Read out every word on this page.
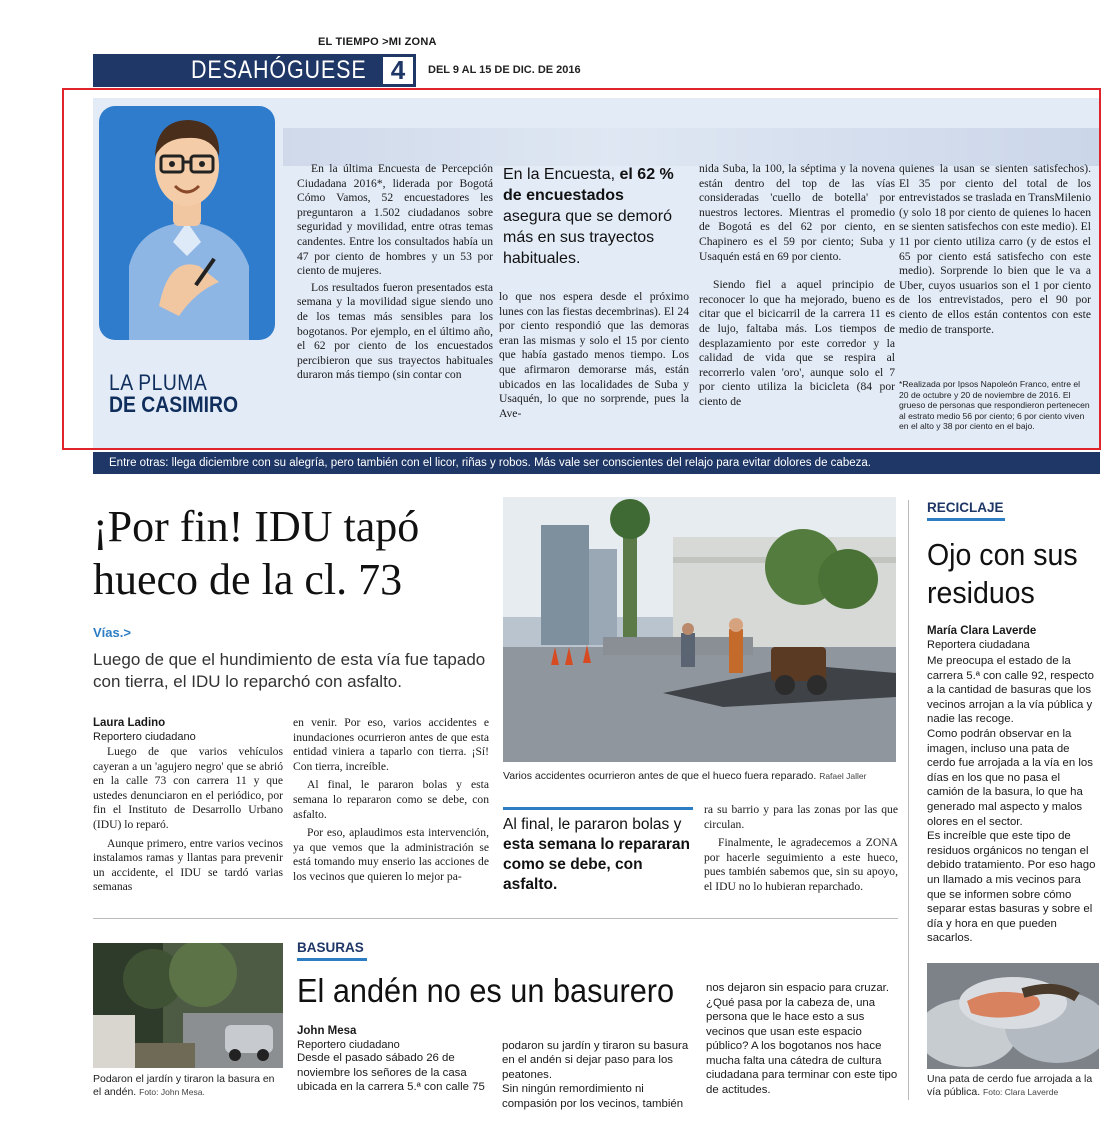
EL TIEMPO >MI ZONA
DESAHÓGUESE 4	DEL 9 AL 15 DE DIC. DE 2016
LA PLUMA
DE CASIMIRO

En la última Encuesta de Percepción Ciudadana 2016*, liderada por Bogotá Cómo Vamos, 52 encuestadores les preguntaron a 1.502 ciudadanos sobre seguridad y movilidad, entre otras temas candentes. Entre los consultados había un 47 por ciento de hombres y un 53 por ciento de mujeres.

Los resultados fueron presentados esta semana y la movilidad sigue siendo uno de los temas más sensibles para los bogotanos. Por ejemplo, en el último año, el 62 por ciento de los encuestados percibieron que sus trayectos habituales duraron más tiempo (sin contar con

En la Encuesta, el 62 % de encuestados asegura que se demoró más en sus trayectos habituales.

lo que nos espera desde el próximo lunes con las fiestas decembrinas). El 24 por ciento respondió que las demoras eran las mismas y solo el 15 por ciento que había gastado menos tiempo. Los que afirmaron demorarse más, están ubicados en las localidades de Suba y Usaquén, lo que no sorprende, pues la Ave-

nida Suba, la 100, la séptima y la novena están dentro del top de las vías consideradas 'cuello de botella' por nuestros lectores. Mientras el promedio de Bogotá es del 62 por ciento, en Chapinero es el 59 por ciento; Suba y Usaquén está en 69 por ciento.

Siendo fiel a aquel principio de reconocer lo que ha mejorado, bueno es citar que el bicicarril de la carrera 11 es de lujo, faltaba más. Los tiempos de desplazamiento por este corredor y la calidad de vida que se respira al recorrerlo valen 'oro', aunque solo el 7 por ciento utiliza la bicicleta (84 por ciento de

quienes la usan se sienten satisfechos). El 35 por ciento del total de los entrevistados se traslada en TransMilenio (y solo 18 por ciento de quienes lo hacen se sienten satisfechos con este medio). El 11 por ciento utiliza carro (y de estos el 65 por ciento está satisfecho con este medio). Sorprende lo bien que le va a Uber, cuyos usuarios son el 1 por ciento de los entrevistados, pero el 90 por ciento de ellos están contentos con este medio de transporte.

*Realizada por Ipsos Napoleón Franco, entre el 20 de octubre y 20 de noviembre de 2016. El grueso de personas que respondieron pertenecen al estrato medio 56 por ciento; 6 por ciento viven en el alto y 38 por ciento en el bajo.
Entre otras: llega diciembre con su alegría, pero también con el licor, riñas y robos. Más vale ser conscientes del relajo para evitar dolores de cabeza.
¡Por fin! IDU tapó hueco de la cl. 73
Vías.>
Luego de que el hundimiento de esta vía fue tapado con tierra, el IDU lo reparchó con asfalto.
Laura Ladino
Reportero ciudadano

Luego de que varios vehículos cayeran a un 'agujero negro' que se abrió en la calle 73 con carrera 11 y que ustedes denunciaron en el periódico, por fin el Instituto de Desarrollo Urbano (IDU) lo reparó.

Aunque primero, entre varios vecinos instalamos ramas y llantas para prevenir un accidente, el IDU se tardó varias semanas

en venir. Por eso, varios accidentes e inundaciones ocurrieron antes de que esta entidad viniera a taparlo con tierra. ¡Sí! Con tierra, increíble.

Al final, le pararon bolas y esta semana lo repararon como se debe, con asfalto.

Por eso, aplaudimos esta intervención, ya que vemos que la administración se está tomando muy enserio las acciones de los vecinos que quieren lo mejor pa-

Varios accidentes ocurrieron antes de que el hueco fuera reparado. Rafael Jaller
Al final, le pararon bolas y esta semana lo repararan como se debe, con asfalto.

ra su barrio y para las zonas por las que circulan.

Finalmente, le agradecemos a ZONA por hacerle seguimiento a este hueco, pues también sabemos que, sin su apoyo, el IDU no lo hubieran reparchado.

Podaron el jardín y tiraron la basura en el andén. Foto: John Mesa.
BASURAS
El andén no es un basurero
John Mesa
Reportero ciudadano
Desde el pasado sábado 26 de noviembre los señores de la casa ubicada en la carrera 5.ª con calle 75

podaron su jardín y tiraron su basura en el andén si dejar paso para los peatones.
Sin ningún remordimiento ni compasión por los vecinos, también

nos dejaron sin espacio para cruzar. ¿Qué pasa por la cabeza de, una persona que le hace esto a sus vecinos que usan este espacio público? A los bogotanos nos hace mucha falta una cátedra de cultura ciudadana para terminar con este tipo de actitudes.
RECICLAJE
Ojo con sus residuos
María Clara Laverde
Reportera ciudadana

Me preocupa el estado de la carrera 5.ª con calle 92, respecto a la cantidad de basuras que los vecinos arrojan a la vía pública y nadie las recoge.

Como podrán observar en la imagen, incluso una pata de cerdo fue arrojada a la vía en los días en los que no pasa el camión de la basura, lo que ha generado mal aspecto y malos olores en el sector.

Es increíble que este tipo de residuos orgánicos no tengan el debido tratamiento. Por eso hago un llamado a mis vecinos para que se informen sobre cómo separar estas basuras y sobre el día y hora en que pueden sacarlos.

Una pata de cerdo fue arrojada a la vía pública. Foto: Clara Laverde
